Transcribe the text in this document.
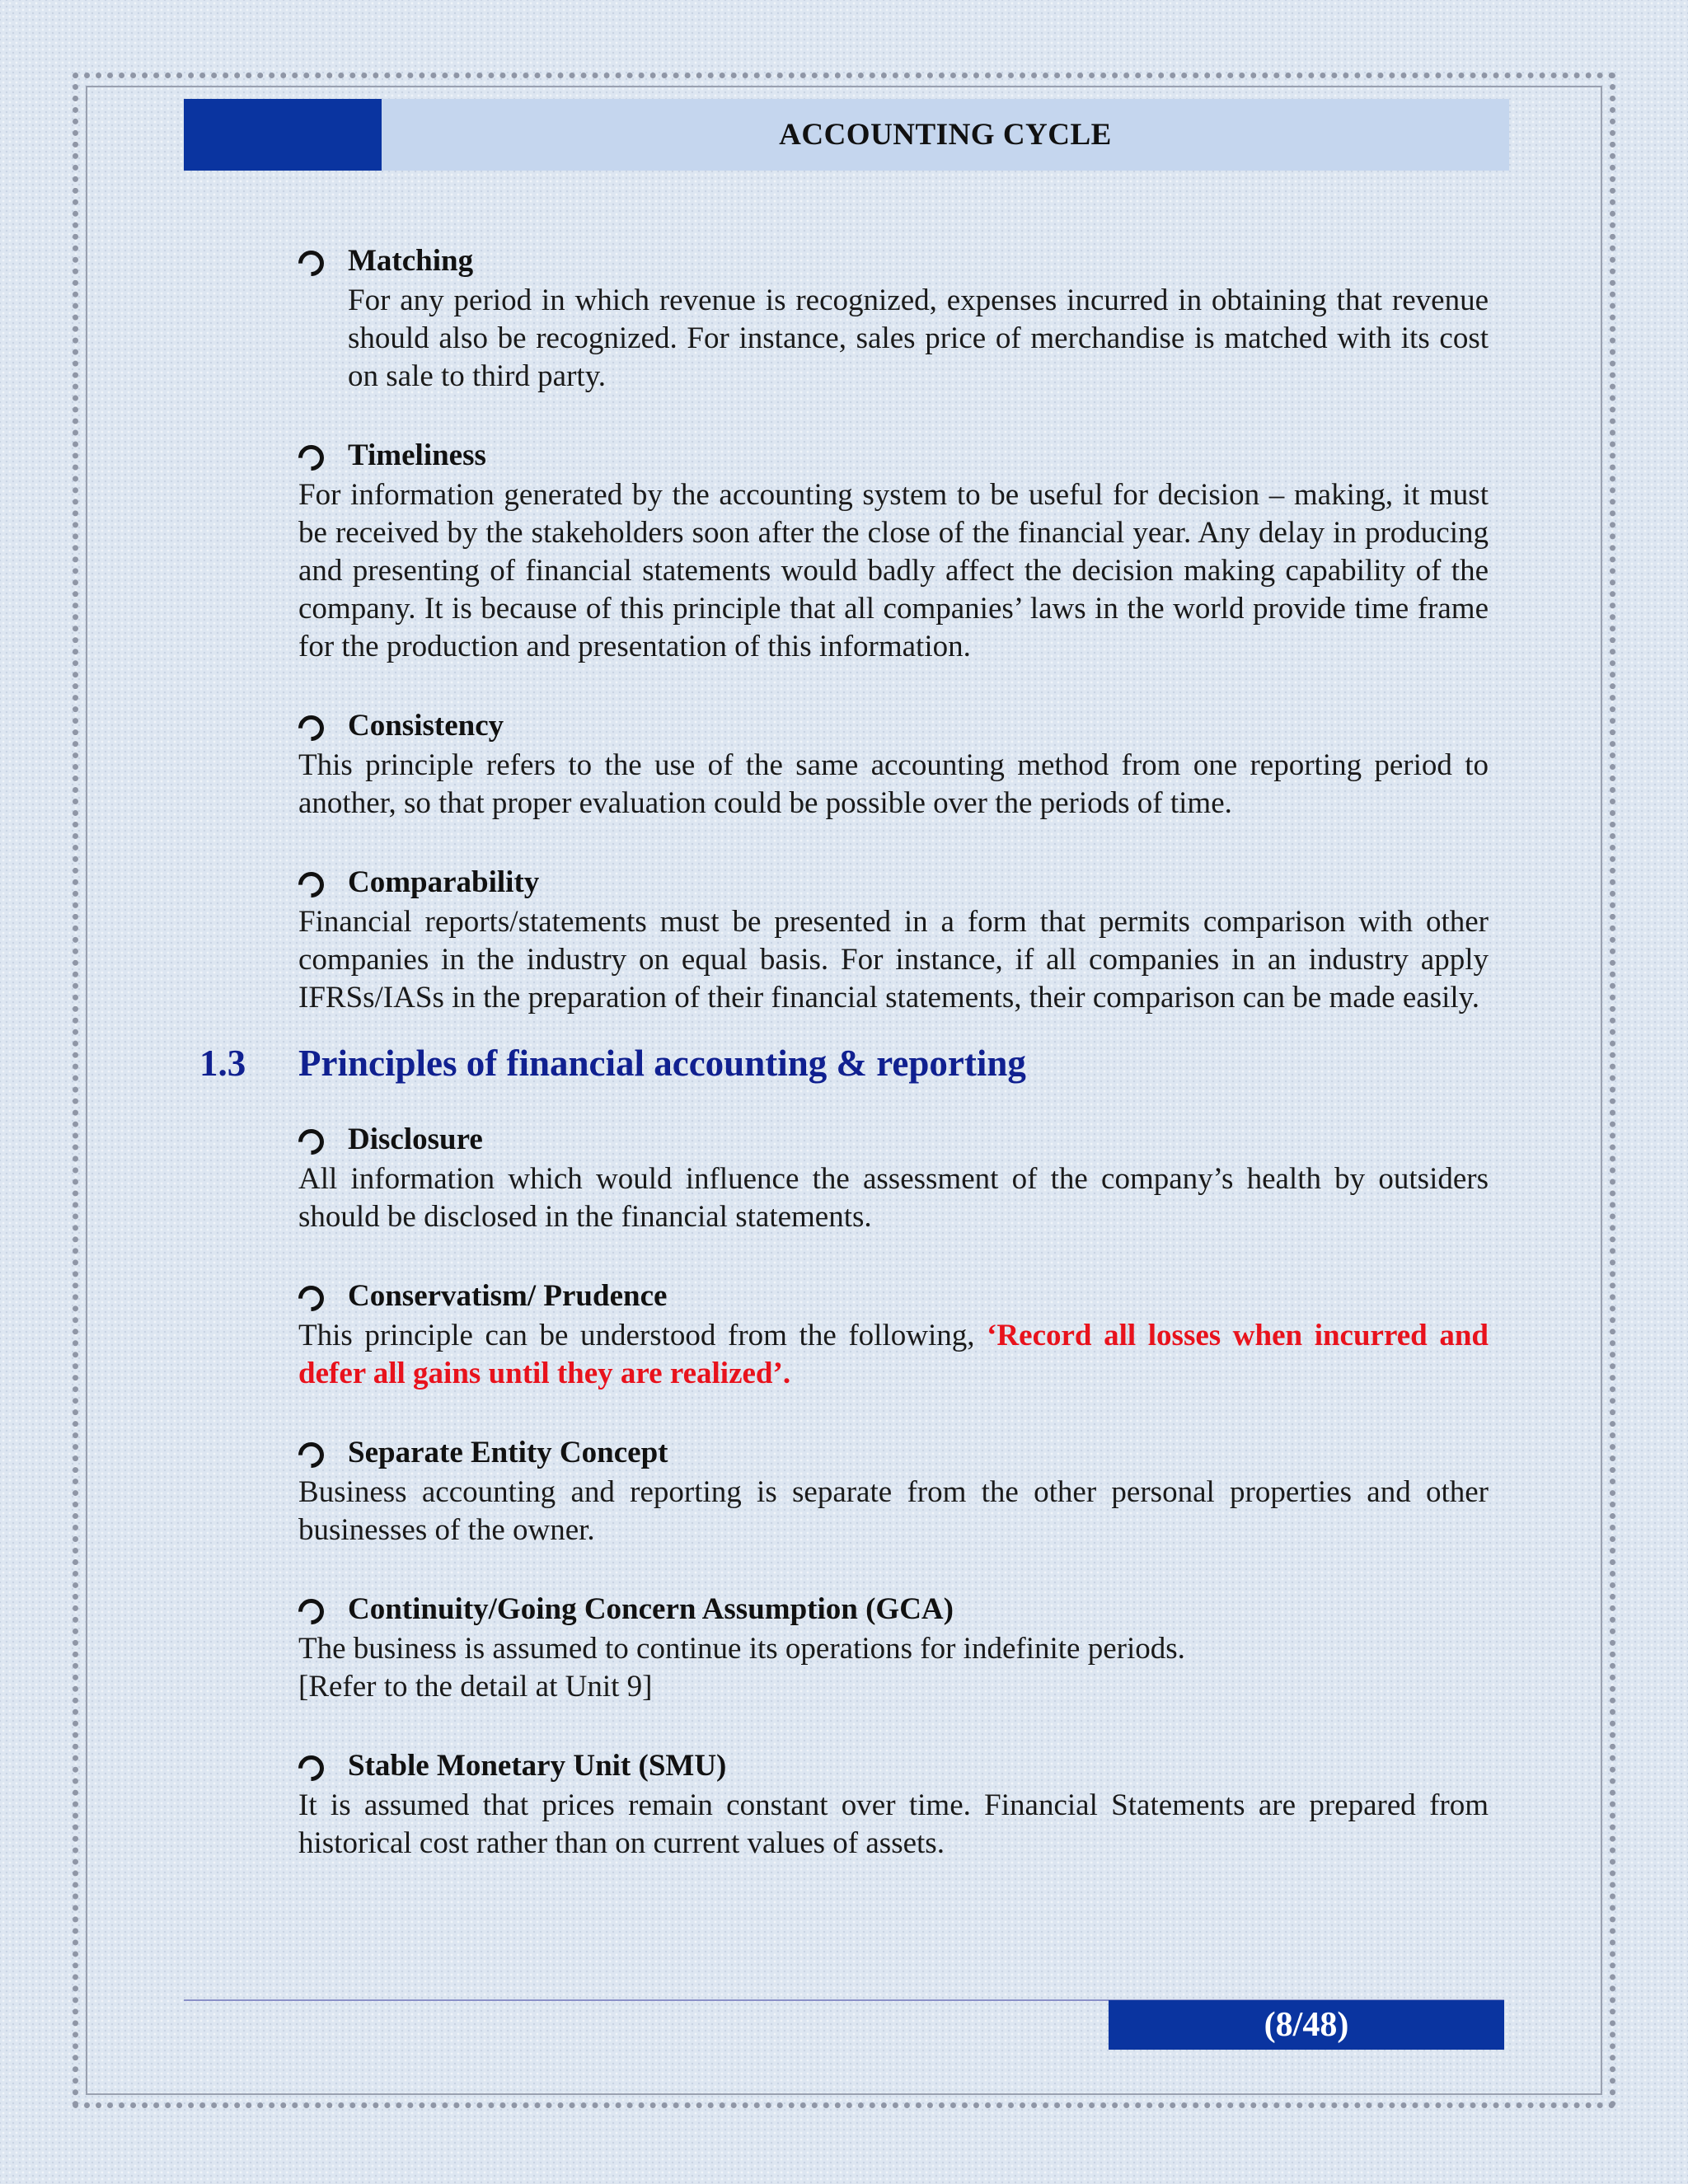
ACCOUNTING CYCLE
Matching

For any period in which revenue is recognized, expenses incurred in obtaining that revenue should also be recognized. For instance, sales price of merchandise is matched with its cost on sale to third party.

Timeliness

For information generated by the accounting system to be useful for decision – making, it must be received by the stakeholders soon after the close of the financial year. Any delay in producing and presenting of financial statements would badly affect the decision making capability of the company. It is because of this principle that all companies’ laws in the world provide time frame for the production and presentation of this information.

Consistency

This principle refers to the use of the same accounting method from one reporting period to another, so that proper evaluation could be possible over the periods of time.

Comparability

Financial reports/statements must be presented in a form that permits comparison with other companies in the industry on equal basis. For instance, if all companies in an industry apply IFRSs/IASs in the preparation of their financial statements, their comparison can be made easily.

1.3 Principles of financial accounting & reporting
Disclosure

All information which would influence the assessment of the company’s health by outsiders should be disclosed in the financial statements.

Conservatism/ Prudence

This principle can be understood from the following, ‘Record all losses when incurred and defer all gains until they are realized’.

Separate Entity Concept

Business accounting and reporting is separate from the other personal properties and other businesses of the owner.

Continuity/Going Concern Assumption (GCA)

The business is assumed to continue its operations for indefinite periods.

[Refer to the detail at Unit 9]

Stable Monetary Unit (SMU)

It is assumed that prices remain constant over time. Financial Statements are prepared from historical cost rather than on current values of assets.

(8/48)
